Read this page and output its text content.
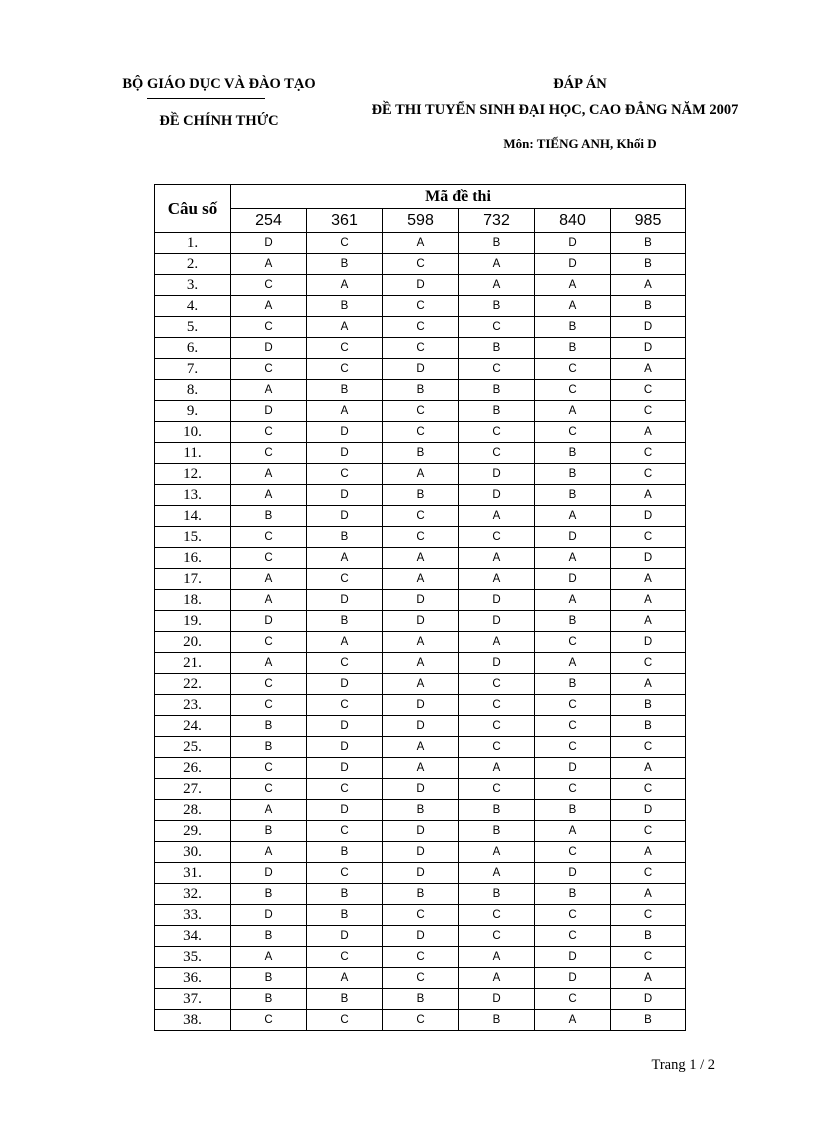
BỘ GIÁO DỤC VÀ ĐÀO TẠO
ĐỀ CHÍNH THỨC
ĐÁP ÁN
ĐỀ THI TUYỂN SINH ĐẠI HỌC, CAO ĐẲNG NĂM 2007
Môn: TIẾNG ANH, Khối D
Câu số	Mã đề thi					
	254	361	598	732	840	985
1.	D	C	A	B	D	B
2.	A	B	C	A	D	B
3.	C	A	D	A	A	A
4.	A	B	C	B	A	B
5.	C	A	C	C	B	D
6.	D	C	C	B	B	D
7.	C	C	D	C	C	A
8.	A	B	B	B	C	C
9.	D	A	C	B	A	C
10.	C	D	C	C	C	A
11.	C	D	B	C	B	C
12.	A	C	A	D	B	C
13.	A	D	B	D	B	A
14.	B	D	C	A	A	D
15.	C	B	C	C	D	C
16.	C	A	A	A	A	D
17.	A	C	A	A	D	A
18.	A	D	D	D	A	A
19.	D	B	D	D	B	A
20.	C	A	A	A	C	D
21.	A	C	A	D	A	C
22.	C	D	A	C	B	A
23.	C	C	D	C	C	B
24.	B	D	D	C	C	B
25.	B	D	A	C	C	C
26.	C	D	A	A	D	A
27.	C	C	D	C	C	C
28.	A	D	B	B	B	D
29.	B	C	D	B	A	C
30.	A	B	D	A	C	A
31.	D	C	D	A	D	C
32.	B	B	B	B	B	A
33.	D	B	C	C	C	C
34.	B	D	D	C	C	B
35.	A	C	C	A	D	C
36.	B	A	C	A	D	A
37.	B	B	B	D	C	D
38.	C	C	C	B	A	B
Trang 1 / 2
